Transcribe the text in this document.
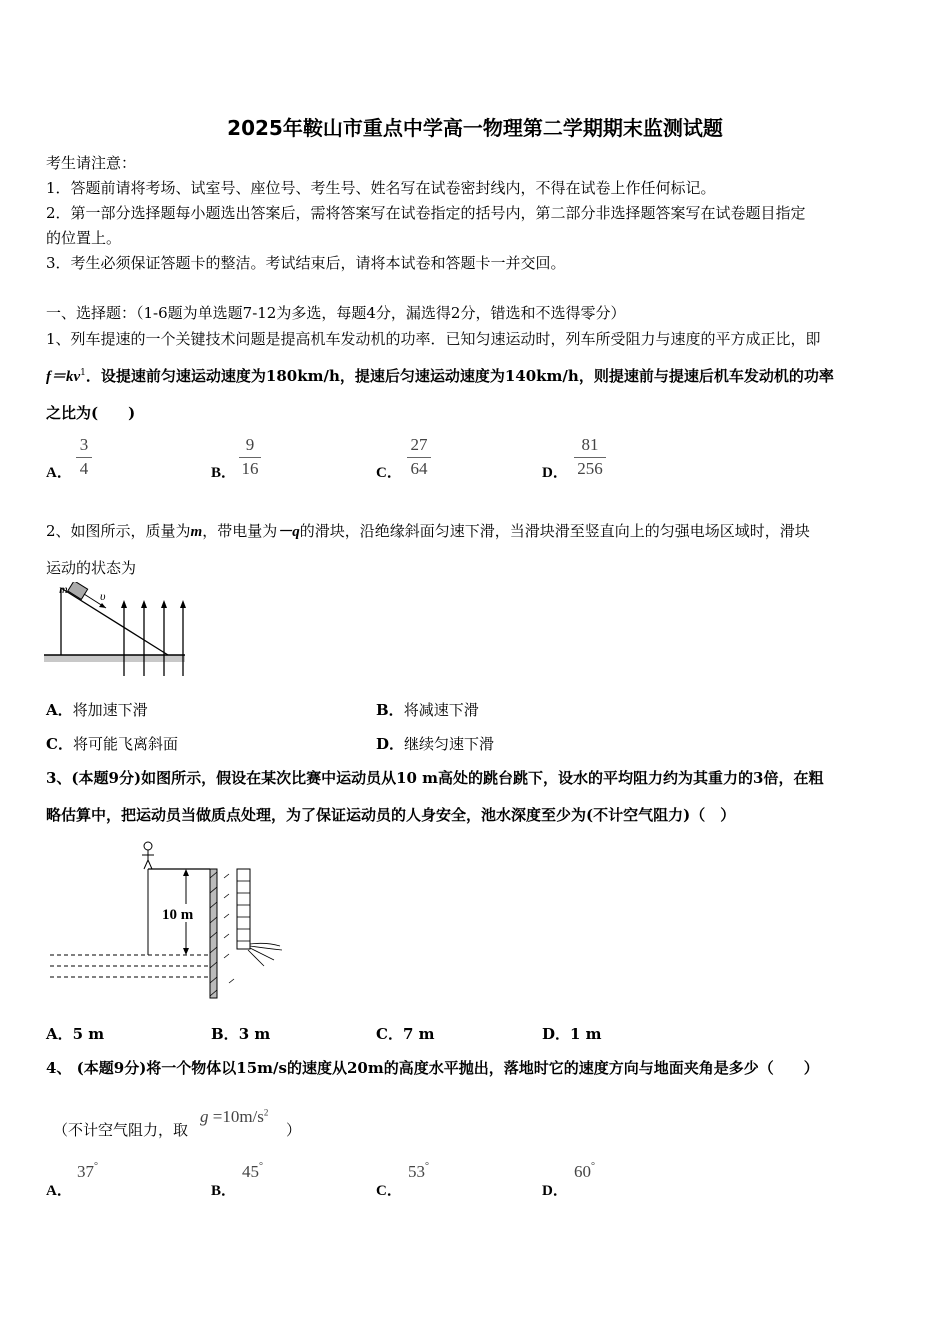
2025年鞍山市重点中学高一物理第二学期期末监测试题
考生请注意：
1．答题前请将考场、试室号、座位号、考生号、姓名写在试卷密封线内，不得在试卷上作任何标记。
2．第一部分选择题每小题选出答案后，需将答案写在试卷指定的括号内，第二部分非选择题答案写在试卷题目指定
的位置上。
3．考生必须保证答题卡的整洁。考试结束后，请将本试卷和答题卡一并交回。
一、选择题：（1-6题为单选题7-12为多选，每题4分，漏选得2分，错选和不选得零分）
1、列车提速的一个关键技术问题是提高机车发动机的功率．已知匀速运动时，列车所受阻力与速度的平方成正比，即
$f=kv^1$．设提速前匀速运动速度为180km/h，提速后匀速运动速度为140km/h，则提速前与提速后机车发动机的功率
之比为(　　)
A．
3
4	B．
9
16	C．
27
64	D．
81
256
2、如图所示，质量为m，带电量为－q的滑块，沿绝缘斜面匀速下滑，当滑块滑至竖直向上的匀强电场区域时，滑块
运动的状态为
m	υ
A．将加速下滑	B．将减速下滑
C．将可能飞离斜面	D．继续匀速下滑
3、(本题9分)如图所示，假设在某次比赛中运动员从10 m高处的跳台跳下，设水的平均阻力约为其重力的3倍，在粗
略估算中，把运动员当做质点处理，为了保证运动员的人身安全，池水深度至少为(不计空气阻力)（　）
10 m
A．5 m	B．3 m	C．7 m	D．1 m
4、 (本题9分)将一个物体以15m/s的速度从20m的高度水平抛出，落地时它的速度方向与地面夹角是多少（　　）
（不计空气阻力，取
$g =10m/s^2$
）
A．
37°
B．
45°
C．
53°
D．
60°
